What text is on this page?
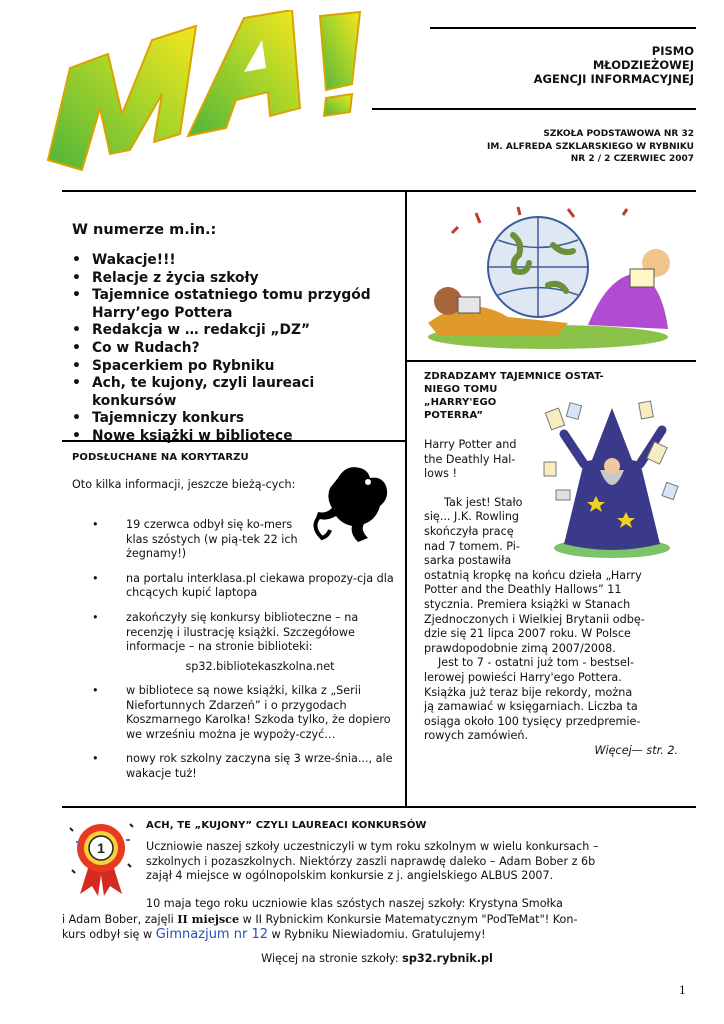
PISMO
MŁODZIEŻOWEJ
AGENCJI INFORMACYJNEJ
SZKOŁA PODSTAWOWA NR 32
IM. ALFREDA SZKLARSKIEGO W RYBNIKU
NR 2 / 2 CZERWIEC 2007
W numerze m.in.:
• Wakacje!!!
• Relacje z życia szkoły
• Tajemnice ostatniego tomu przygód Harry’ego Pottera
• Redakcja w … redakcji „DZ”
• Co w Rudach?
• Spacerkiem po Rybniku
• Ach, te kujony, czyli laureaci konkursów
• Tajemniczy konkurs
• Nowe książki w bibliotece
PODSŁUCHANE NA KORYTARZU
Oto kilka informacji, jeszcze bieżą-cych:
• 19 czerwca odbył się ko-mers klas szóstych (w pią-tek 22 ich żegnamy!)
• na portalu interklasa.pl ciekawa propozy-cja dla chcących kupić laptopa
• zakończyły się konkursy biblioteczne – na recenzję i ilustrację książki. Szczegółowe informacje – na stronie biblioteki:
sp32.bibliotekaszkolna.net
• w bibliotece są nowe książki, kilka z „Serii Niefortunnych Zdarzeń” i o przygodach Koszmarnego Karolka! Szkoda tylko, że dopiero we wrześniu można je wypoży-czyć…
• nowy rok szkolny zaczyna się 3 wrze-śnia..., ale wakacje tuż!
ZDRADZAMY TAJEMNICE OSTAT-
NIEGO TOMU
„HARRY'EGO
POTERRA”
Harry Potter and
the Deathly Hal-
lows !
Tak jest! Stało
się... J.K. Rowling
skończyła pracę
nad 7 tomem. Pi-
sarka postawiła
ostatnią kropkę na końcu dzieła „Harry
Potter and the Deathly Hallows” 11
stycznia. Premiera książki w Stanach
Zjednoczonych i Wielkiej Brytanii odbę-
dzie się 21 lipca 2007 roku. W Polsce
prawdopodobnie zimą 2007/2008.
Jest to 7 - ostatni już tom - bestsel-
lerowej powieści Harry'ego Pottera.
Książka już teraz bije rekordy, można
ją zamawiać w księgarniach. Liczba ta
osiąga około 100 tysięcy przedpremie-
rowych zamówień.
Więcej— str. 2.
1
ACH, TE „KUJONY” CZYLI LAUREACI KONKURSÓW
Uczniowie naszej szkoły uczestniczyli w tym roku szkolnym w wielu konkursach –
szkolnych i pozaszkolnych. Niektórzy zaszli naprawdę daleko – Adam Bober z 6b
zajął 4 miejsce w ogólnopolskim konkursie z j. angielskiego ALBUS 2007.
10 maja tego roku uczniowie klas szóstych naszej szkoły: Krystyna Smołka
i Adam Bober, zajęli II miejsce w II Rybnickim Konkursie Matematycznym "PodTeMat"! Kon-
kurs odbył się w Gimnazjum nr 12 w Rybniku Niewiadomiu. Gratulujemy!
Więcej na stronie szkoły: sp32.rybnik.pl
1
